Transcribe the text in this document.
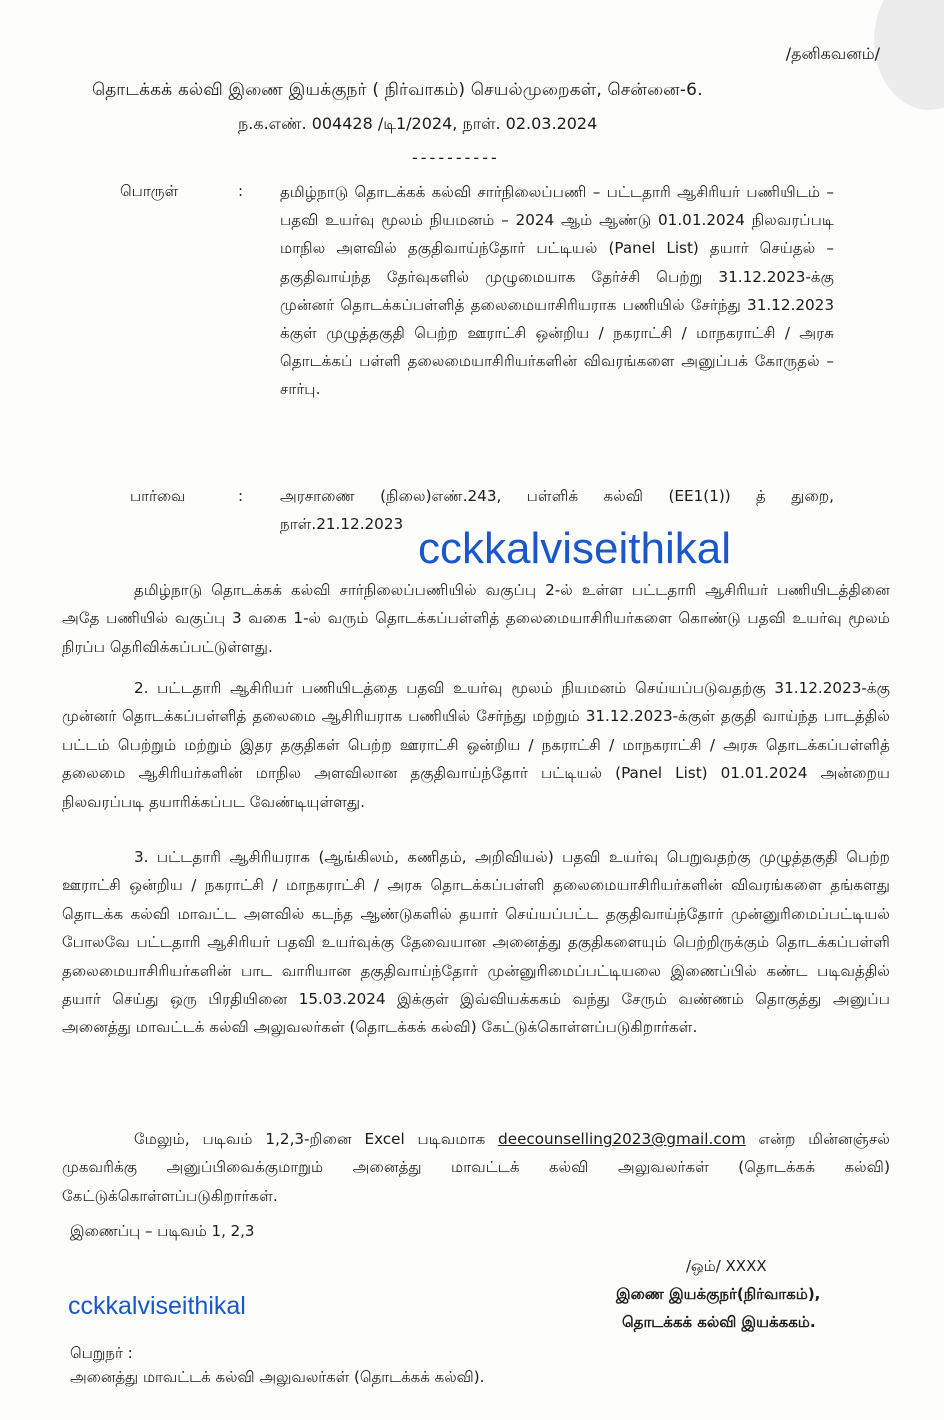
/தனிகவனம்/
தொடக்கக் கல்வி இணை இயக்குநர் ( நிர்வாகம்) செயல்முறைகள், சென்னை-6.
ந.க.எண். 004428 /டி1/2024, நாள். 02.03.2024
----------
பொருள்	: தமிழ்நாடு தொடக்கக் கல்வி சார்நிலைப்பணி – பட்டதாரி ஆசிரியர் பணியிடம் – பதவி உயர்வு மூலம் நியமனம் – 2024 ஆம் ஆண்டு 01.01.2024 நிலவரப்படி மாநில அளவில் தகுதிவாய்ந்தோர் பட்டியல் (Panel List) தயார் செய்தல் – தகுதிவாய்ந்த தேர்வுகளில் முழுமையாக தேர்ச்சி பெற்று 31.12.2023-க்கு முன்னர் தொடக்கப்பள்ளித் தலைமையாசிரியராக பணியில் சேர்ந்து 31.12.2023 க்குள் முழுத்தகுதி பெற்ற ஊராட்சி ஒன்றிய / நகராட்சி / மாநகராட்சி / அரசு தொடக்கப் பள்ளி தலைமையாசிரியர்களின் விவரங்களை அனுப்பக் கோருதல் – சார்பு.
பார்வை	: அரசாணை (நிலை)எண்.243, பள்ளிக் கல்வி (EE1(1)) த் துறை, நாள்.21.12.2023 cckkalviseithikal
தமிழ்நாடு தொடக்கக் கல்வி சார்நிலைப்பணியில் வகுப்பு 2-ல் உள்ள பட்டதாரி ஆசிரியர் பணியிடத்தினை அதே பணியில் வகுப்பு 3 வகை 1-ல் வரும் தொடக்கப்பள்ளித் தலைமையாசிரியர்களை கொண்டு பதவி உயர்வு மூலம் நிரப்ப தெரிவிக்கப்பட்டுள்ளது.
2. பட்டதாரி ஆசிரியர் பணியிடத்தை பதவி உயர்வு மூலம் நியமனம் செய்யப்படுவதற்கு 31.12.2023-க்கு முன்னர் தொடக்கப்பள்ளித் தலைமை ஆசிரியராக பணியில் சேர்ந்து மற்றும் 31.12.2023-க்குள் தகுதி வாய்ந்த பாடத்தில் பட்டம் பெற்றும் மற்றும் இதர தகுதிகள் பெற்ற ஊராட்சி ஒன்றிய / நகராட்சி / மாநகராட்சி / அரசு தொடக்கப்பள்ளித் தலைமை ஆசிரியர்களின் மாநில அளவிலான தகுதிவாய்ந்தோர் பட்டியல் (Panel List) 01.01.2024 அன்றைய நிலவரப்படி தயாரிக்கப்பட வேண்டியுள்ளது.
3. பட்டதாரி ஆசிரியராக (ஆங்கிலம், கணிதம், அறிவியல்) பதவி உயர்வு பெறுவதற்கு முழுத்தகுதி பெற்ற ஊராட்சி ஒன்றிய / நகராட்சி / மாநகராட்சி / அரசு தொடக்கப்பள்ளி தலைமையாசிரியர்களின் விவரங்களை தங்களது தொடக்க கல்வி மாவட்ட அளவில் கடந்த ஆண்டுகளில் தயார் செய்யப்பட்ட தகுதிவாய்ந்தோர் முன்னுரிமைப்பட்டியல் போலவே பட்டதாரி ஆசிரியர் பதவி உயர்வுக்கு தேவையான அனைத்து தகுதிகளையும் பெற்றிருக்கும் தொடக்கப்பள்ளி தலைமையாசிரியர்களின் பாட வாரியான தகுதிவாய்ந்தோர் முன்னுரிமைப்பட்டியலை இணைப்பில் கண்ட படிவத்தில் தயார் செய்து ஒரு பிரதியினை 15.03.2024 இக்குள் இவ்வியக்ககம் வந்து சேரும் வண்ணம் தொகுத்து அனுப்ப அனைத்து மாவட்டக் கல்வி அலுவலர்கள் (தொடக்கக் கல்வி) கேட்டுக்கொள்ளப்படுகிறார்கள்.
மேலும், படிவம் 1,2,3-றினை Excel படிவமாக deecounselling2023@gmail.com என்ற மின்னஞ்சல் முகவரிக்கு அனுப்பிவைக்குமாறும் அனைத்து மாவட்டக் கல்வி அலுவலர்கள் (தொடக்கக் கல்வி) கேட்டுக்கொள்ளப்படுகிறார்கள்.
இணைப்பு – படிவம் 1, 2,3
/ஒம்/ XXXX
இணை இயக்குநர்(நிர்வாகம்),
தொடக்கக் கல்வி இயக்ககம்.
cckkalviseithikal
பெறுநர் :
அனைத்து மாவட்டக் கல்வி அலுவலர்கள் (தொடக்கக் கல்வி).
